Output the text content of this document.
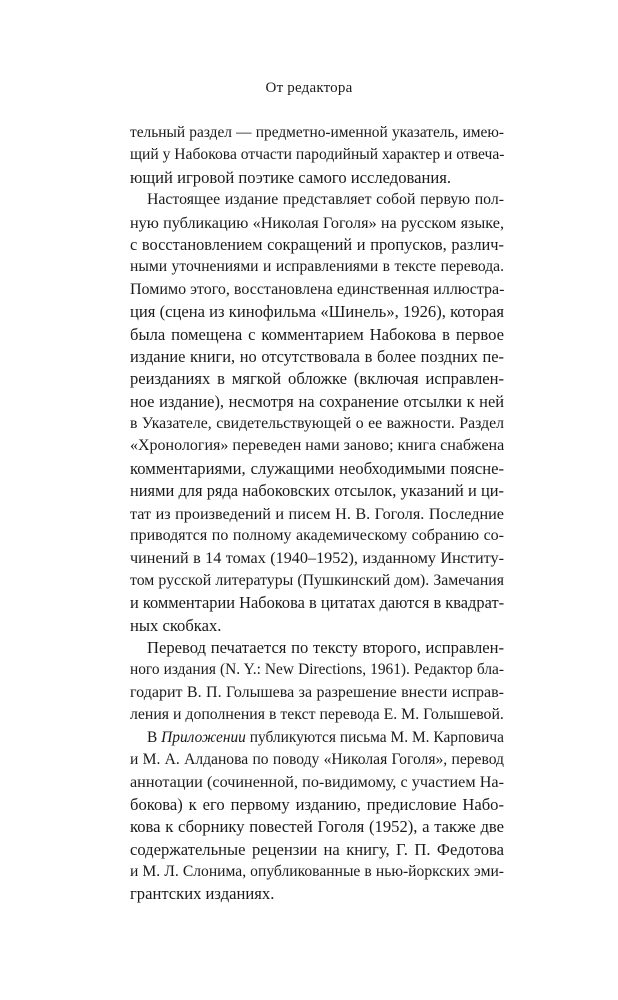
От редактора
тельный раздел — предметно-именной указатель, имею-
щий у Набокова отчасти пародийный характер и отвеча-
ющий игровой поэтике самого исследования.
Настоящее издание представляет собой первую пол-
ную публикацию «Николая Гоголя» на русском языке,
с восстановлением сокращений и пропусков, различ-
ными уточнениями и исправлениями в тексте перевода.
Помимо этого, восстановлена единственная иллюстра-
ция (сцена из кинофильма «Шинель», 1926), которая
была помещена с комментарием Набокова в первое
издание книги, но отсутствовала в более поздних пе-
реизданиях в мягкой обложке (включая исправлен-
ное издание), несмотря на сохранение отсылки к ней
в Указателе, свидетельствующей о ее важности. Раздел
«Хронология» переведен нами заново; книга снабжена
комментариями, служащими необходимыми поясне-
ниями для ряда набоковских отсылок, указаний и ци-
тат из произведений и писем Н. В. Гоголя. Последние
приводятся по полному академическому собранию со-
чинений в 14 томах (1940–1952), изданному Институ-
том русской литературы (Пушкинский дом). Замечания
и комментарии Набокова в цитатах даются в квадрат-
ных скобках.
Перевод печатается по тексту второго, исправлен-
ного издания (N. Y.: New Directions, 1961). Редактор бла-
годарит В. П. Голышева за разрешение внести исправ-
ления и дополнения в текст перевода Е. М. Голышевой.
В Приложении публикуются письма М. М. Карповича
и М. А. Алданова по поводу «Николая Гоголя», перевод
аннотации (сочиненной, по-видимому, с участием На-
бокова) к его первому изданию, предисловие Набо-
кова к сборнику повестей Гоголя (1952), а также две
содержательные рецензии на книгу, Г. П. Федотова
и М. Л. Слонима, опубликованные в нью-йоркских эми-
грантских изданиях.
